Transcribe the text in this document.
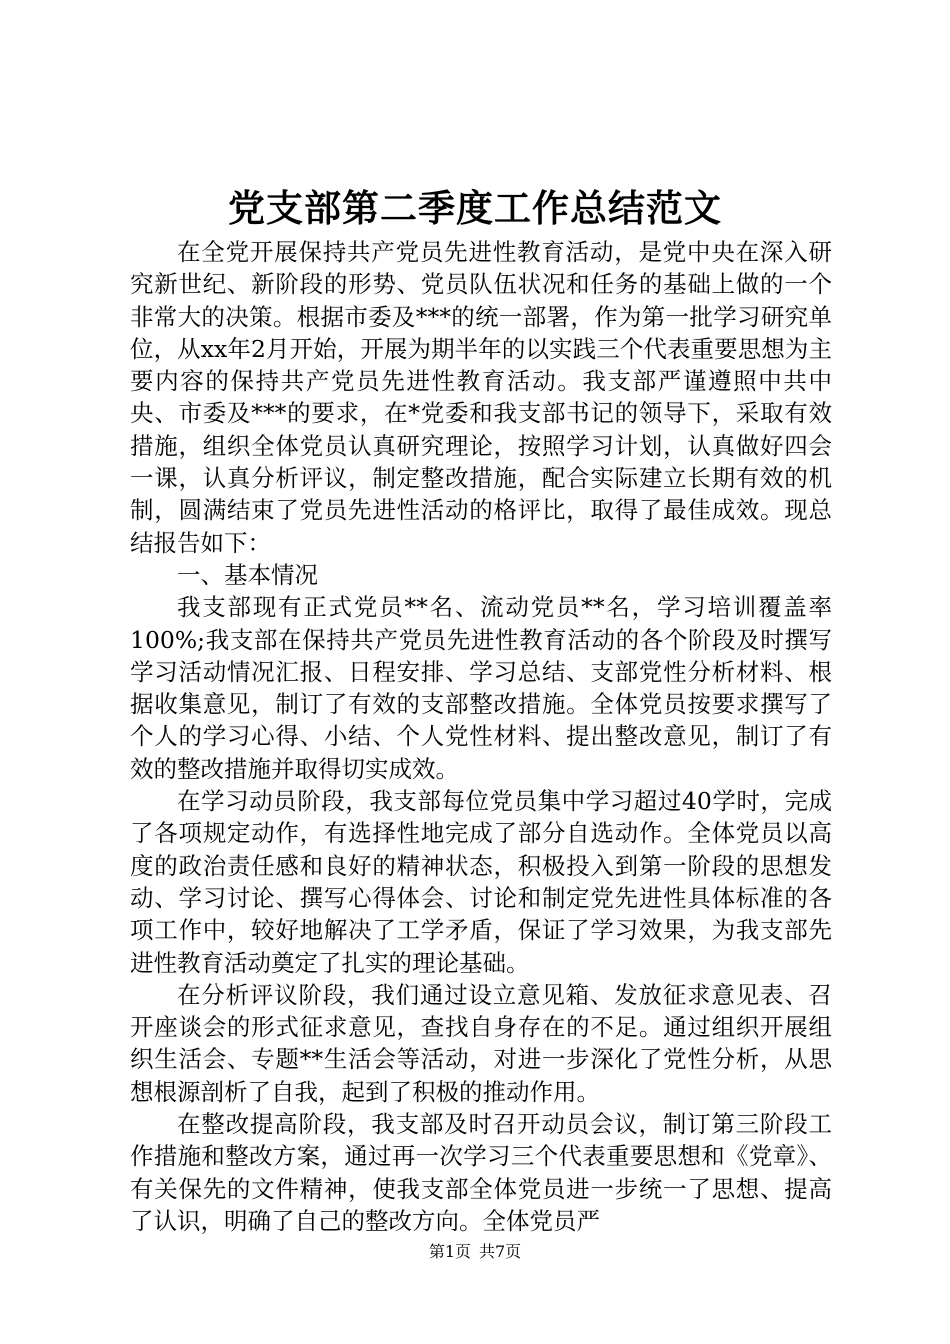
党支部第二季度工作总结范文

在全党开展保持共产党员先进性教育活动，是党中央在深入研究新世纪、新阶段的形势、党员队伍状况和任务的基础上做的一个非常大的决策。根据市委及***的统一部署，作为第一批学习研究单位，从xx年2月开始，开展为期半年的以实践三个代表重要思想为主要内容的保持共产党员先进性教育活动。我支部严谨遵照中共中央、市委及***的要求，在*党委和我支部书记的领导下，采取有效措施，组织全体党员认真研究理论，按照学习计划，认真做好四会一课，认真分析评议，制定整改措施，配合实际建立长期有效的机制，圆满结束了党员先进性活动的格评比，取得了最佳成效。现总结报告如下：

一、基本情况

我支部现有正式党员**名、流动党员**名，学习培训覆盖率100%;我支部在保持共产党员先进性教育活动的各个阶段及时撰写学习活动情况汇报、日程安排、学习总结、支部党性分析材料、根据收集意见，制订了有效的支部整改措施。全体党员按要求撰写了个人的学习心得、小结、个人党性材料、提出整改意见，制订了有效的整改措施并取得切实成效。

在学习动员阶段，我支部每位党员集中学习超过40学时，完成了各项规定动作，有选择性地完成了部分自选动作。全体党员以高度的政治责任感和良好的精神状态，积极投入到第一阶段的思想发动、学习讨论、撰写心得体会、讨论和制定党先进性具体标准的各项工作中，较好地解决了工学矛盾，保证了学习效果，为我支部先进性教育活动奠定了扎实的理论基础。

在分析评议阶段，我们通过设立意见箱、发放征求意见表、召开座谈会的形式征求意见，查找自身存在的不足。通过组织开展组织生活会、专题**生活会等活动，对进一步深化了党性分析，从思想根源剖析了自我，起到了积极的推动作用。

在整改提高阶段，我支部及时召开动员会议，制订第三阶段工作措施和整改方案，通过再一次学习三个代表重要思想和《党章》、有关保先的文件精神，使我支部全体党员进一步统一了思想、提高了认识，明确了自己的整改方向。全体党员严

第1页 共7页
